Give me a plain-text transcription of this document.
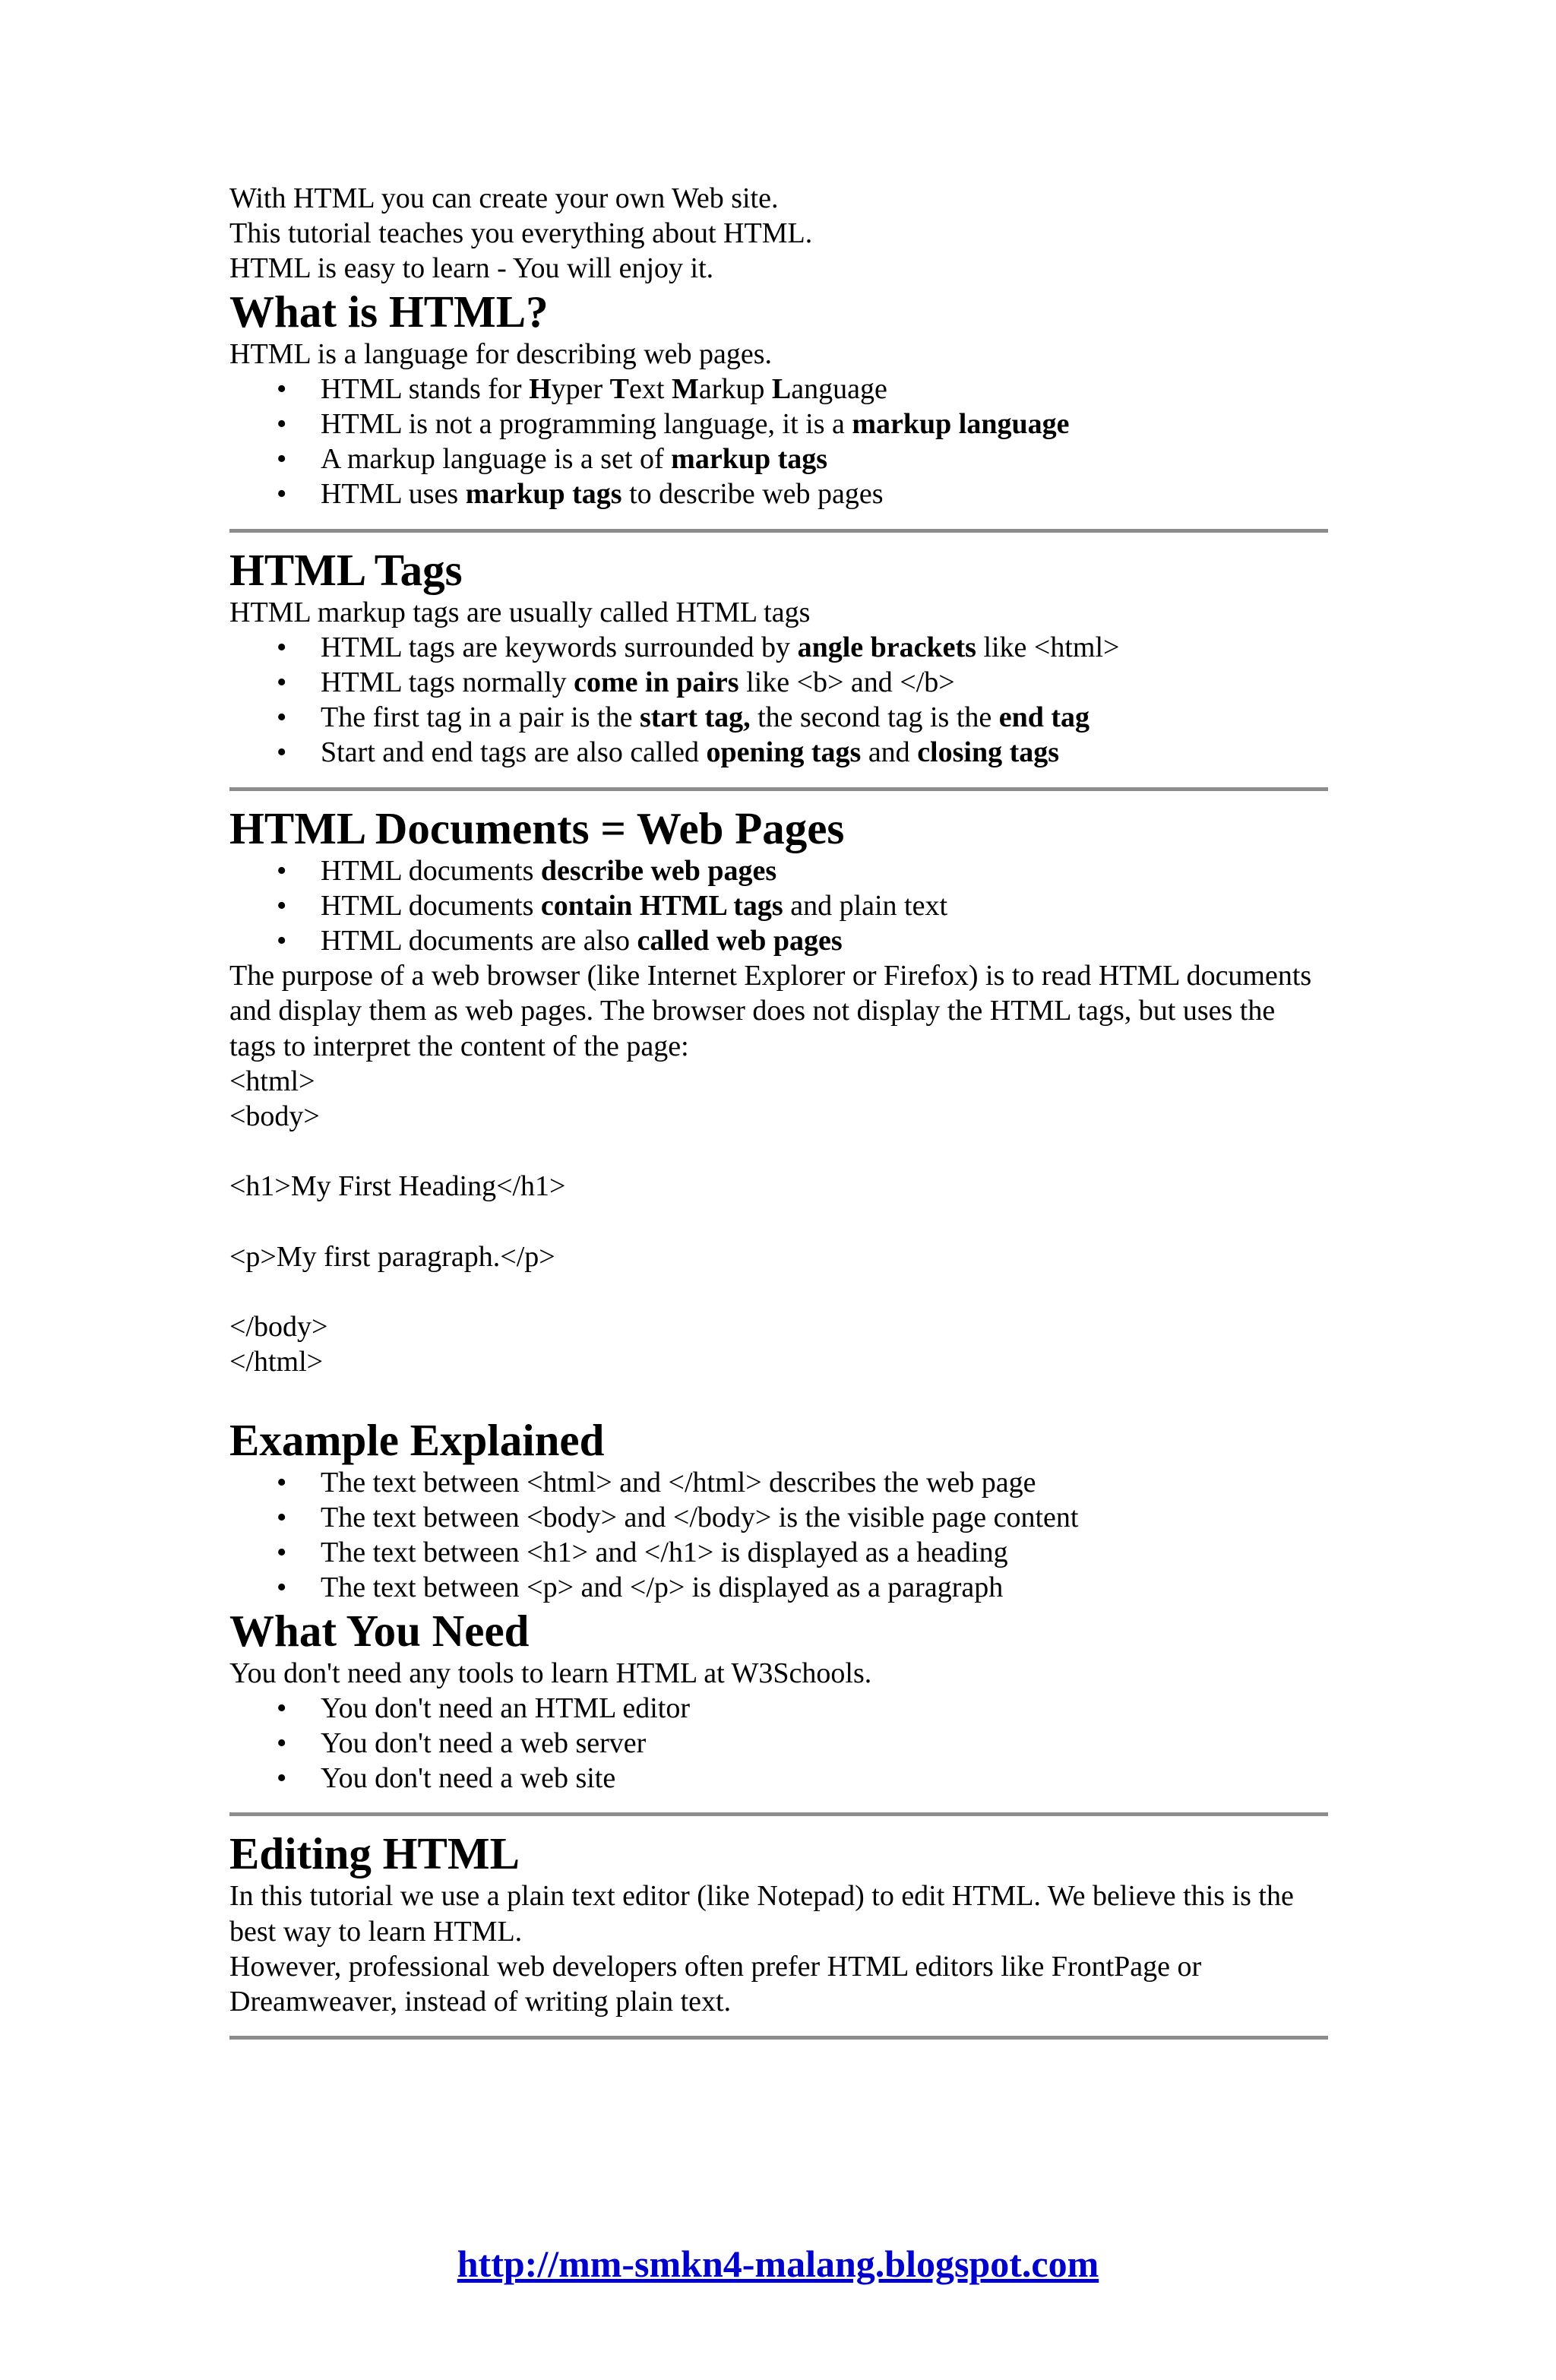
With HTML you can create your own Web site.

This tutorial teaches you everything about HTML.

HTML is easy to learn - You will enjoy it.

What is HTML?

HTML is a language for describing web pages.

• HTML stands for Hyper Text Markup Language
• HTML is not a programming language, it is a markup language
• A markup language is a set of markup tags
• HTML uses markup tags to describe web pages
HTML Tags

HTML markup tags are usually called HTML tags

• HTML tags are keywords surrounded by angle brackets like <html>
• HTML tags normally come in pairs like <b> and </b>
• The first tag in a pair is the start tag, the second tag is the end tag
• Start and end tags are also called opening tags and closing tags
HTML Documents = Web Pages
• HTML documents describe web pages
• HTML documents contain HTML tags and plain text
• HTML documents are also called web pages

The purpose of a web browser (like Internet Explorer or Firefox) is to read HTML documents and display them as web pages. The browser does not display the HTML tags, but uses the tags to interpret the content of the page:

<html>

<body>

<h1>My First Heading</h1>

<p>My first paragraph.</p>

</body>

</html>

Example Explained
• The text between <html> and </html> describes the web page
• The text between <body> and </body> is the visible page content
• The text between <h1> and </h1> is displayed as a heading
• The text between <p> and </p> is displayed as a paragraph
What You Need

You don't need any tools to learn HTML at W3Schools.

• You don't need an HTML editor
• You don't need a web server
• You don't need a web site
Editing HTML

In this tutorial we use a plain text editor (like Notepad) to edit HTML. We believe this is the best way to learn HTML.

However, professional web developers often prefer HTML editors like FrontPage or Dreamweaver, instead of writing plain text.

http://mm-smkn4-malang.blogspot.com
